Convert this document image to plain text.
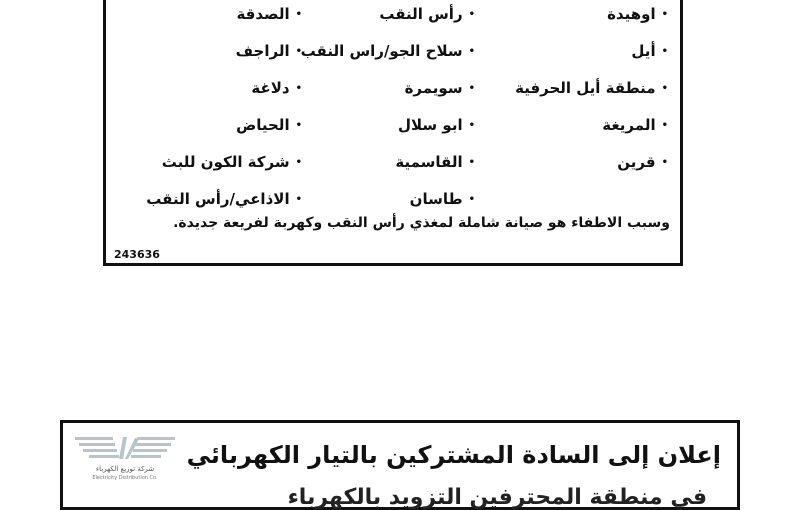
•اوهيدة
•أيل
•منطقة أيل الحرفية
•المريغة
•قرين
•رأس النقب
•سلاح الجو/راس النقب
•سويمرة
•ابو سلال
•القاسمية
•طاسان
•الصدقة
•الراجف
•دلاغة
•الحياض
•شركة الكون للبث
•الاذاعي/رأس النقب
وسبب الاطفاء هو صيانة شاملة لمغذي رأس النقب وكهربة لفريعة جديدة.
243636
شركة توزيع الكهرباء
Electricity Distribution Co.
إعلان إلى السادة المشتركين بالتيار الكهربائي
في منطقة المحترفين التزويد بالكهرباء
